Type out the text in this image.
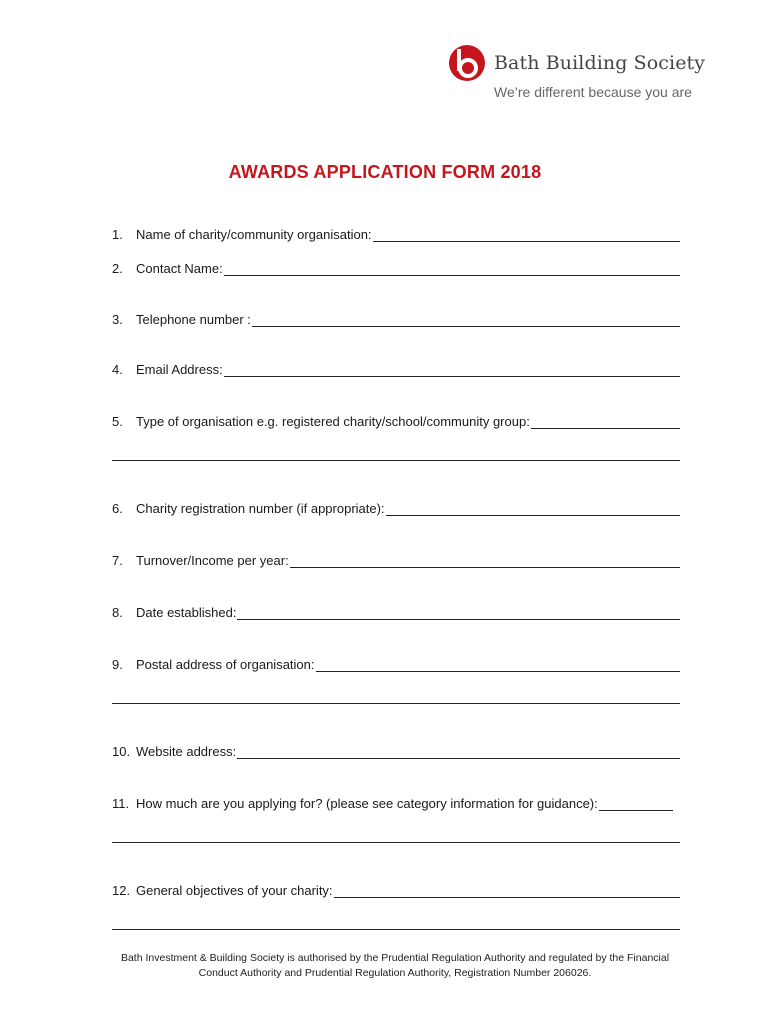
Bath Building Society
We’re different because you are
AWARDS APPLICATION FORM 2018
1.	Name of charity/community organisation:
2.	Contact Name:
3.	Telephone number :
4.	Email Address:
5.	Type of organisation e.g. registered charity/school/community group:
6.	Charity registration number (if appropriate):
7.	Turnover/Income per year:
8.	Date established:
9.	Postal address of organisation:
10. Website address:
11. How much are you applying for? (please see category information for guidance):
12. General objectives of your charity:
Bath Investment & Building Society is authorised by the Prudential Regulation Authority and regulated by the Financial
Conduct Authority and Prudential Regulation Authority, Registration Number 206026.
